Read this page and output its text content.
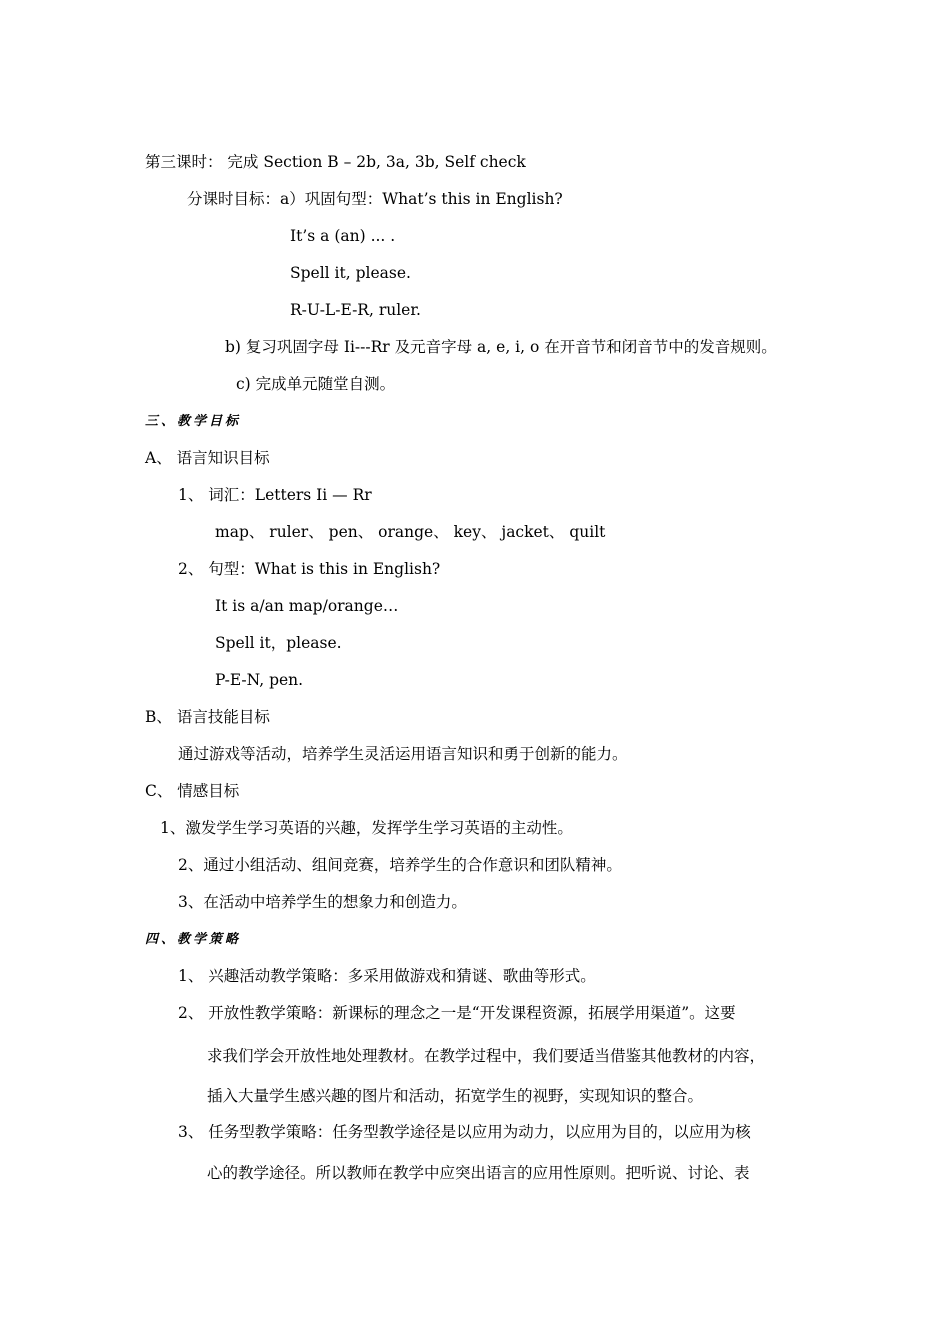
第三课时： 完成 Section B – 2b, 3a, 3b, Self check
分课时目标：a）巩固句型：What’s this in English?
It’s a (an) ... .
Spell it, please.
R-U-L-E-R, ruler.
b) 复习巩固字母 Ii---Rr 及元音字母 a, e, i, o 在开音节和闭音节中的发音规则。
c) 完成单元随堂自测。
三、教学目标
A、 语言知识目标
1、 词汇：Letters Ii — Rr
map、 ruler、 pen、 orange、 key、 jacket、 quilt
2、 句型：What is this in English?
It is a/an map/orange…
Spell it，please.
P-E-N, pen.
B、 语言技能目标
通过游戏等活动，培养学生灵活运用语言知识和勇于创新的能力。
C、 情感目标
1、激发学生学习英语的兴趣，发挥学生学习英语的主动性。
2、通过小组活动、组间竞赛，培养学生的合作意识和团队精神。
3、在活动中培养学生的想象力和创造力。
四、教学策略
1、 兴趣活动教学策略：多采用做游戏和猜谜、歌曲等形式。
2、 开放性教学策略：新课标的理念之一是“开发课程资源，拓展学用渠道”。这要
求我们学会开放性地处理教材。在教学过程中，我们要适当借鉴其他教材的内容，
插入大量学生感兴趣的图片和活动，拓宽学生的视野，实现知识的整合。
3、 任务型教学策略：任务型教学途径是以应用为动力，以应用为目的，以应用为核
心的教学途径。所以教师在教学中应突出语言的应用性原则。把听说、讨论、表
